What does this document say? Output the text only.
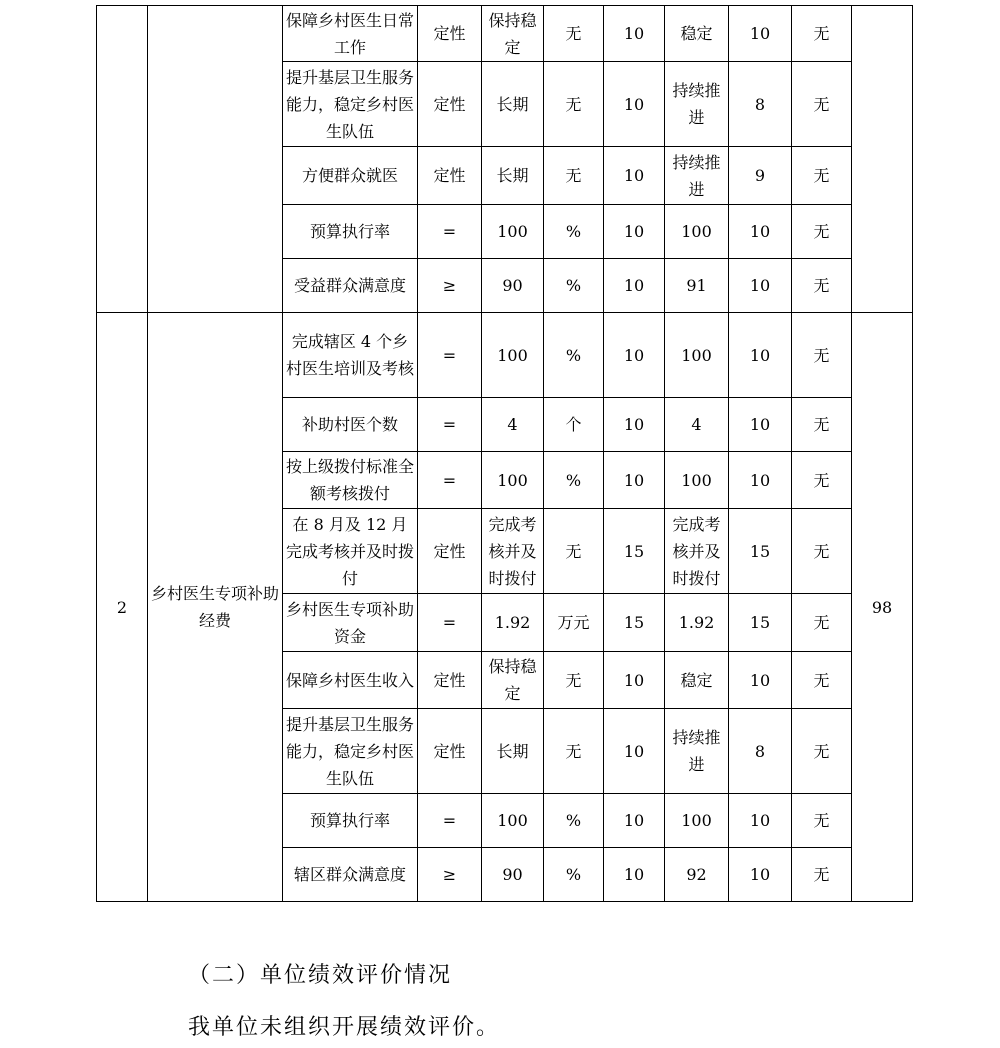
		保障乡村医生日常工作	定性	保持稳定	无	10	稳定	10	无	
		提升基层卫生服务能力，稳定乡村医生队伍	定性	长期	无	10	持续推进	8	无	
		方便群众就医	定性	长期	无	10	持续推进	9	无	
		预算执行率	=	100	%	10	100	10	无	
		受益群众满意度	≥	90	%	10	91	10	无	
2	乡村医生专项补助经费	完成辖区 4 个乡村医生培训及考核	=	100	%	10	100	10	无	98
		补助村医个数	=	4	个	10	4	10	无	
		按上级拨付标准全额考核拨付	=	100	%	10	100	10	无	
		在 8 月及 12 月完成考核并及时拨付	定性	完成考核并及时拨付	无	15	完成考核并及时拨付	15	无	
		乡村医生专项补助资金	=	1.92	万元	15	1.92	15	无	
		保障乡村医生收入	定性	保持稳定	无	10	稳定	10	无	
		提升基层卫生服务能力，稳定乡村医生队伍	定性	长期	无	10	持续推进	8	无	
		预算执行率	=	100	%	10	100	10	无	
		辖区群众满意度	≥	90	%	10	92	10	无	
（二）单位绩效评价情况
我单位未组织开展绩效评价。
